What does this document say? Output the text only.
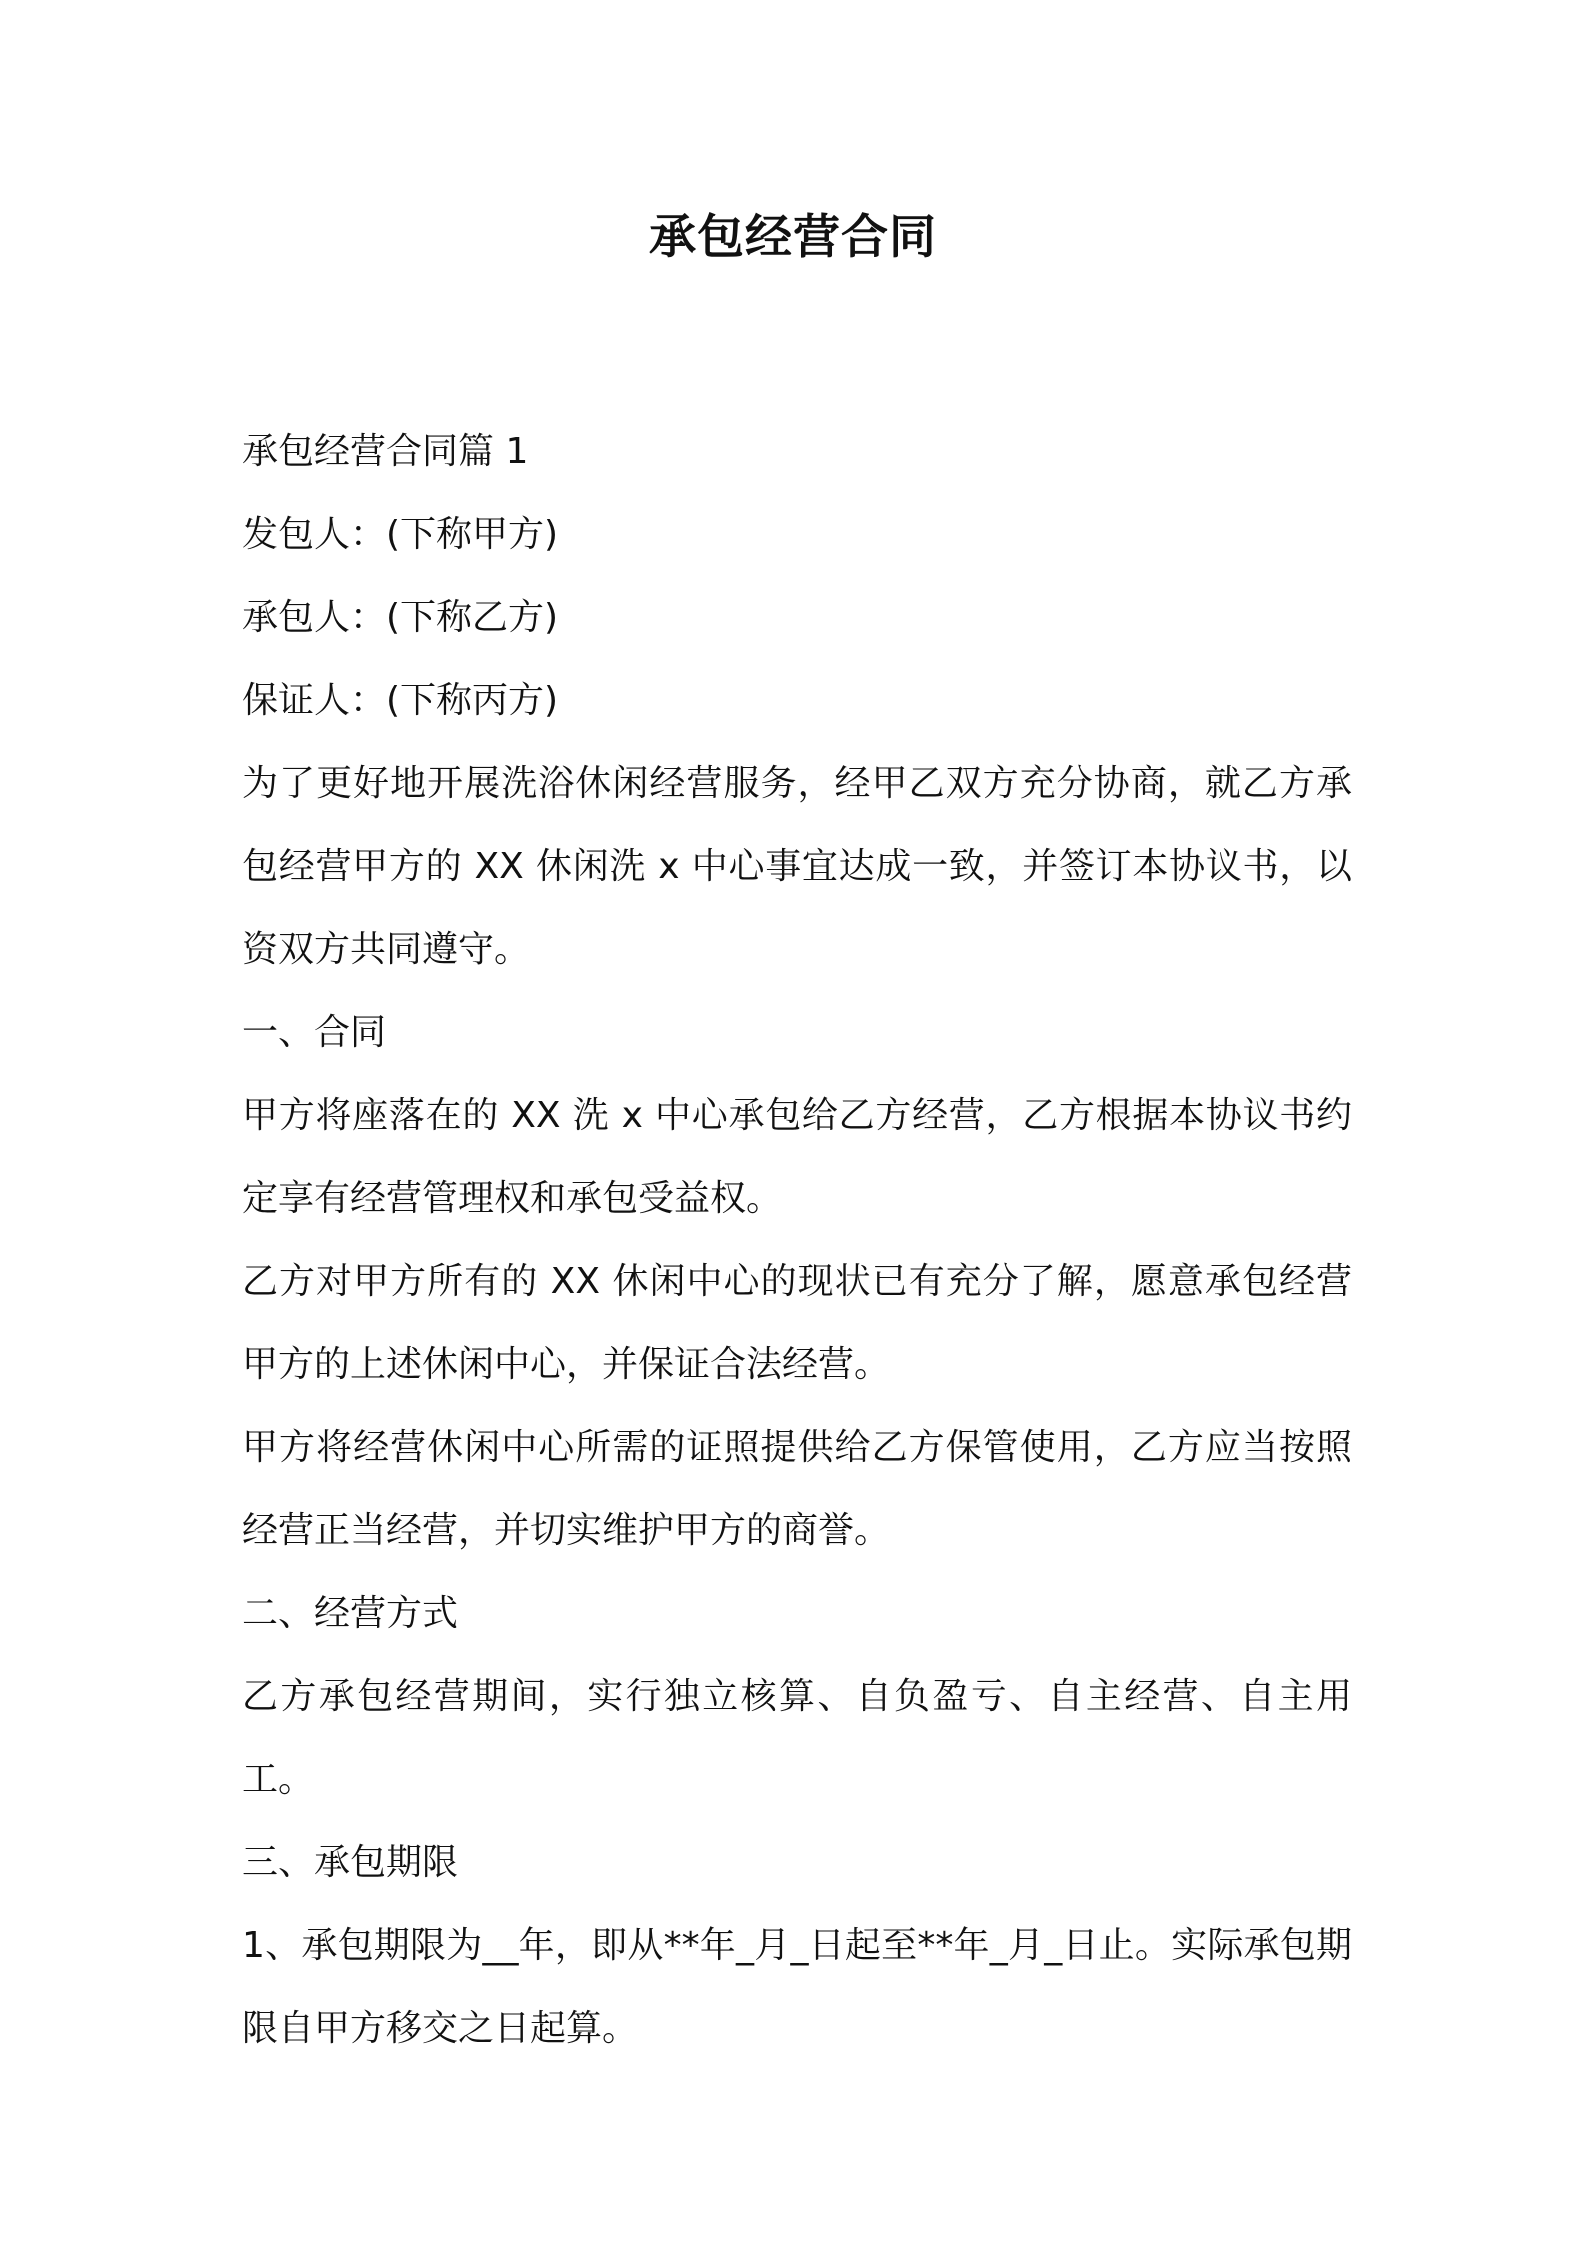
承包经营合同

承包经营合同篇 1

发包人：(下称甲方)

承包人：(下称乙方)

保证人：(下称丙方)

为了更好地开展洗浴休闲经营服务，经甲乙双方充分协商，就乙方承包经营甲方的 XX 休闲洗 x 中心事宜达成一致，并签订本协议书，以资双方共同遵守。

一、合同

甲方将座落在的 XX 洗 x 中心承包给乙方经营，乙方根据本协议书约定享有经营管理权和承包受益权。

乙方对甲方所有的 XX 休闲中心的现状已有充分了解，愿意承包经营甲方的上述休闲中心，并保证合法经营。

甲方将经营休闲中心所需的证照提供给乙方保管使用，乙方应当按照经营正当经营，并切实维护甲方的商誉。

二、经营方式

乙方承包经营期间，实行独立核算、自负盈亏、自主经营、自主用工。

三、承包期限

1、承包期限为__年，即从**年_月_日起至**年_月_日止。实际承包期限自甲方移交之日起算。
